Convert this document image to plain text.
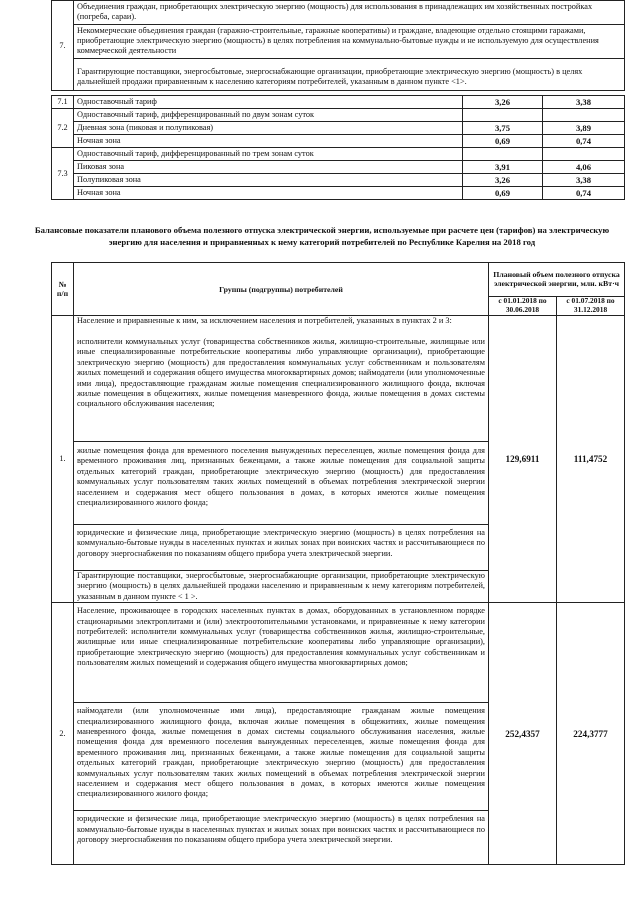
7.	Объединения граждан, приобретающих электрическую энергию (мощность) для использования в принадлежащих им хозяйственных постройках (погреба, сараи).		
	Некоммерческие объединения граждан (гаражно-строительные, гаражные кооперативы) и граждане, владеющие отдельно стоящими гаражами, приобретающие электрическую энергию (мощность) в целях потребления на коммунально-бытовые нужды и не используемую для осуществления коммерческой деятельности		
	Гарантирующие поставщики, энергосбытовые, энергоснабжающие организации, приобретающие электрическую энергию (мощность) в целях дальнейшей продажи приравненным к населению категориям потребителей, указанным в данном пункте <1>.		

7.1	Одноставочный тариф	3,26	3,38
7.2	Одноставочный тариф, дифференцированный по двум зонам суток		
	Дневная зона (пиковая и полупиковая)	3,75	3,89
	Ночная зона	0,69	0,74
7.3	Одноставочный тариф, дифференцированный по трем зонам суток		
	Пиковая зона	3,91	4,06
	Полупиковая зона	3,26	3,38
	Ночная зона	0,69	0,74

Балансовые показатели планового объема полезного отпуска электрической энергии, используемые при расчете цен (тарифов) на электрическую энергию для населения и приравненных к нему категорий потребителей по Республике Карелия на 2018 год

№ п/п	Группы (подгруппы) потребителей	Плановый объем полезного отпуска электрической энергии, млн. кВт·ч	
		с 01.01.2018 по 30.06.2018	с 01.07.2018 по 31.12.2018
1.	Население и приравненные к ним, за исключением населения и потребителей, указанных в пунктах 2 и 3:	129,6911	111,4752
	исполнители коммунальных услуг (товарищества собственников жилья, жилищно-строительные, жилищные или иные специализированные потребительские кооперативы либо управляющие организации), приобретающие электрическую энергию (мощность) для предоставления коммунальных услуг собственникам и пользователям жилых помещений и содержания общего имущества многоквартирных домов; наймодатели (или уполномоченные ими лица), предоставляющие гражданам жилые помещения специализированного жилищного фонда, включая жилые помещения в общежитиях, жилые помещения маневренного фонда, жилые помещения в домах системы социального обслуживания населения;		
	жилые помещения фонда для временного поселения вынужденных переселенцев, жилые помещения фонда для временного проживания лиц, признанных беженцами, а также жилые помещения для социальной защиты отдельных категорий граждан, приобретающие электрическую энергию (мощность) для предоставления коммунальных услуг пользователям таких жилых помещений в объемах потребления электрической энергии населением и содержания мест общего пользования в домах, в которых имеются жилые помещения специализированного жилого фонда;		
	юридические и физические лица, приобретающие электрическую энергию (мощность) в целях потребления на коммунально-бытовые нужды в населенных пунктах и жилых зонах при воинских частях и рассчитывающиеся по договору энергоснабжения по показаниям общего прибора учета электрической энергии.		
	Гарантирующие поставщики, энергосбытовые, энергоснабжающие организации, приобретающие электрическую энергию (мощность) в целях дальнейшей продажи населению и приравненным к нему категориям потребителей, указанным в данном пункте < 1 >.		
2.	Население, проживающее в городских населенных пунктах в домах, оборудованных в установленном порядке стационарными электроплитами и (или) электроотопительными установками, и приравненные к нему категории потребителей: исполнители коммунальных услуг (товарищества собственников жилья, жилищно-строительные, жилищные или иные специализированные потребительские кооперативы либо управляющие организации), приобретающие электрическую энергию (мощность) для предоставления коммунальных услуг собственникам и пользователям жилых помещений и содержания общего имущества многоквартирных домов;	252,4357	224,3777
	наймодатели (или уполномоченные ими лица), предоставляющие гражданам жилые помещения специализированного жилищного фонда, включая жилые помещения в общежитиях, жилые помещения маневренного фонда, жилые помещения в домах системы социального обслуживания населения, жилые помещения фонда для временного поселения вынужденных переселенцев, жилые помещения фонда для временного проживания лиц, признанных беженцами, а также жилые помещения для социальной защиты отдельных категорий граждан, приобретающие электрическую энергию (мощность) для предоставления коммунальных услуг пользователям таких жилых помещений в объемах потребления электрической энергии населением и содержания мест общего пользования в домах, в которых имеются жилые помещения специализированного жилого фонда;		
	юридические и физические лица, приобретающие электрическую энергию (мощность) в целях потребления на коммунально-бытовые нужды в населенных пунктах и жилых зонах при воинских частях и рассчитывающиеся по договору энергоснабжения по показаниям общего прибора учета электрической энергии.		
